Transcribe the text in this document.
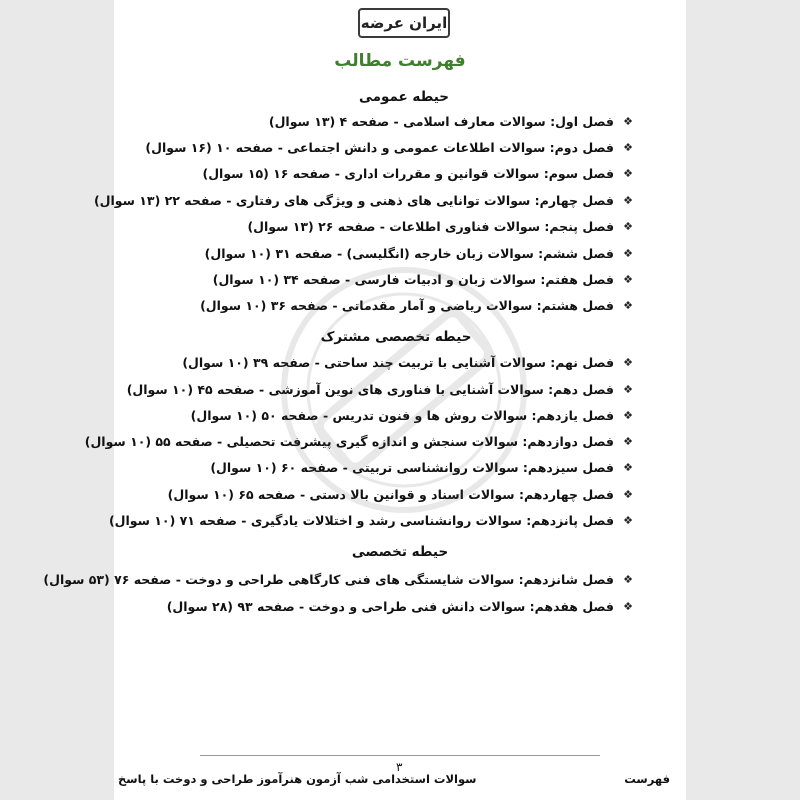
ایران عرضه
فهرست مطالب
حیطه عمومی
❖
فصل اول: سوالات معارف اسلامی - صفحه ۴ (۱۳ سوال)
❖
فصل دوم: سوالات اطلاعات عمومی و دانش اجتماعی - صفحه ۱۰ (۱۶ سوال)
❖
فصل سوم: سوالات قوانین و مقررات اداری - صفحه ۱۶ (۱۵ سوال)
❖
فصل چهارم: سوالات توانایی های ذهنی و ویژگی های رفتاری - صفحه ۲۲ (۱۳ سوال)
❖
فصل پنجم: سوالات فناوری اطلاعات - صفحه ۲۶ (۱۳ سوال)
❖
فصل ششم: سوالات زبان خارجه (انگلیسی) - صفحه ۳۱ (۱۰ سوال)
❖
فصل هفتم: سوالات زبان و ادبیات فارسی - صفحه ۳۴ (۱۰ سوال)
❖
فصل هشتم: سوالات ریاضی و آمار مقدماتی - صفحه ۳۶ (۱۰ سوال)
حیطه تخصصی مشترک
❖
فصل نهم: سوالات آشنایی با تربیت چند ساحتی - صفحه ۳۹ (۱۰ سوال)
❖
فصل دهم: سوالات آشنایی با فناوری های نوین آموزشی - صفحه ۴۵ (۱۰ سوال)
❖
فصل یازدهم: سوالات روش ها و فنون تدریس - صفحه ۵۰ (۱۰ سوال)
❖
فصل دوازدهم: سوالات سنجش و اندازه گیری پیشرفت تحصیلی - صفحه ۵۵ (۱۰ سوال)
❖
فصل سیزدهم: سوالات روانشناسی تربیتی - صفحه ۶۰ (۱۰ سوال)
❖
فصل چهاردهم: سوالات اسناد و قوانین بالا دستی - صفحه ۶۵ (۱۰ سوال)
❖
فصل پانزدهم: سوالات روانشناسی رشد و اختلالات یادگیری - صفحه ۷۱ (۱۰ سوال)
حیطه تخصصی
❖
فصل شانزدهم: سوالات شایستگی های فنی کارگاهی طراحی و دوخت - صفحه ۷۶ (۵۳ سوال)
❖
فصل هفدهم: سوالات دانش فنی طراحی و دوخت - صفحه ۹۳ (۲۸ سوال)
۳
فهرست
سوالات استخدامی شب آزمون هنرآموز طراحی و دوخت با پاسخ
